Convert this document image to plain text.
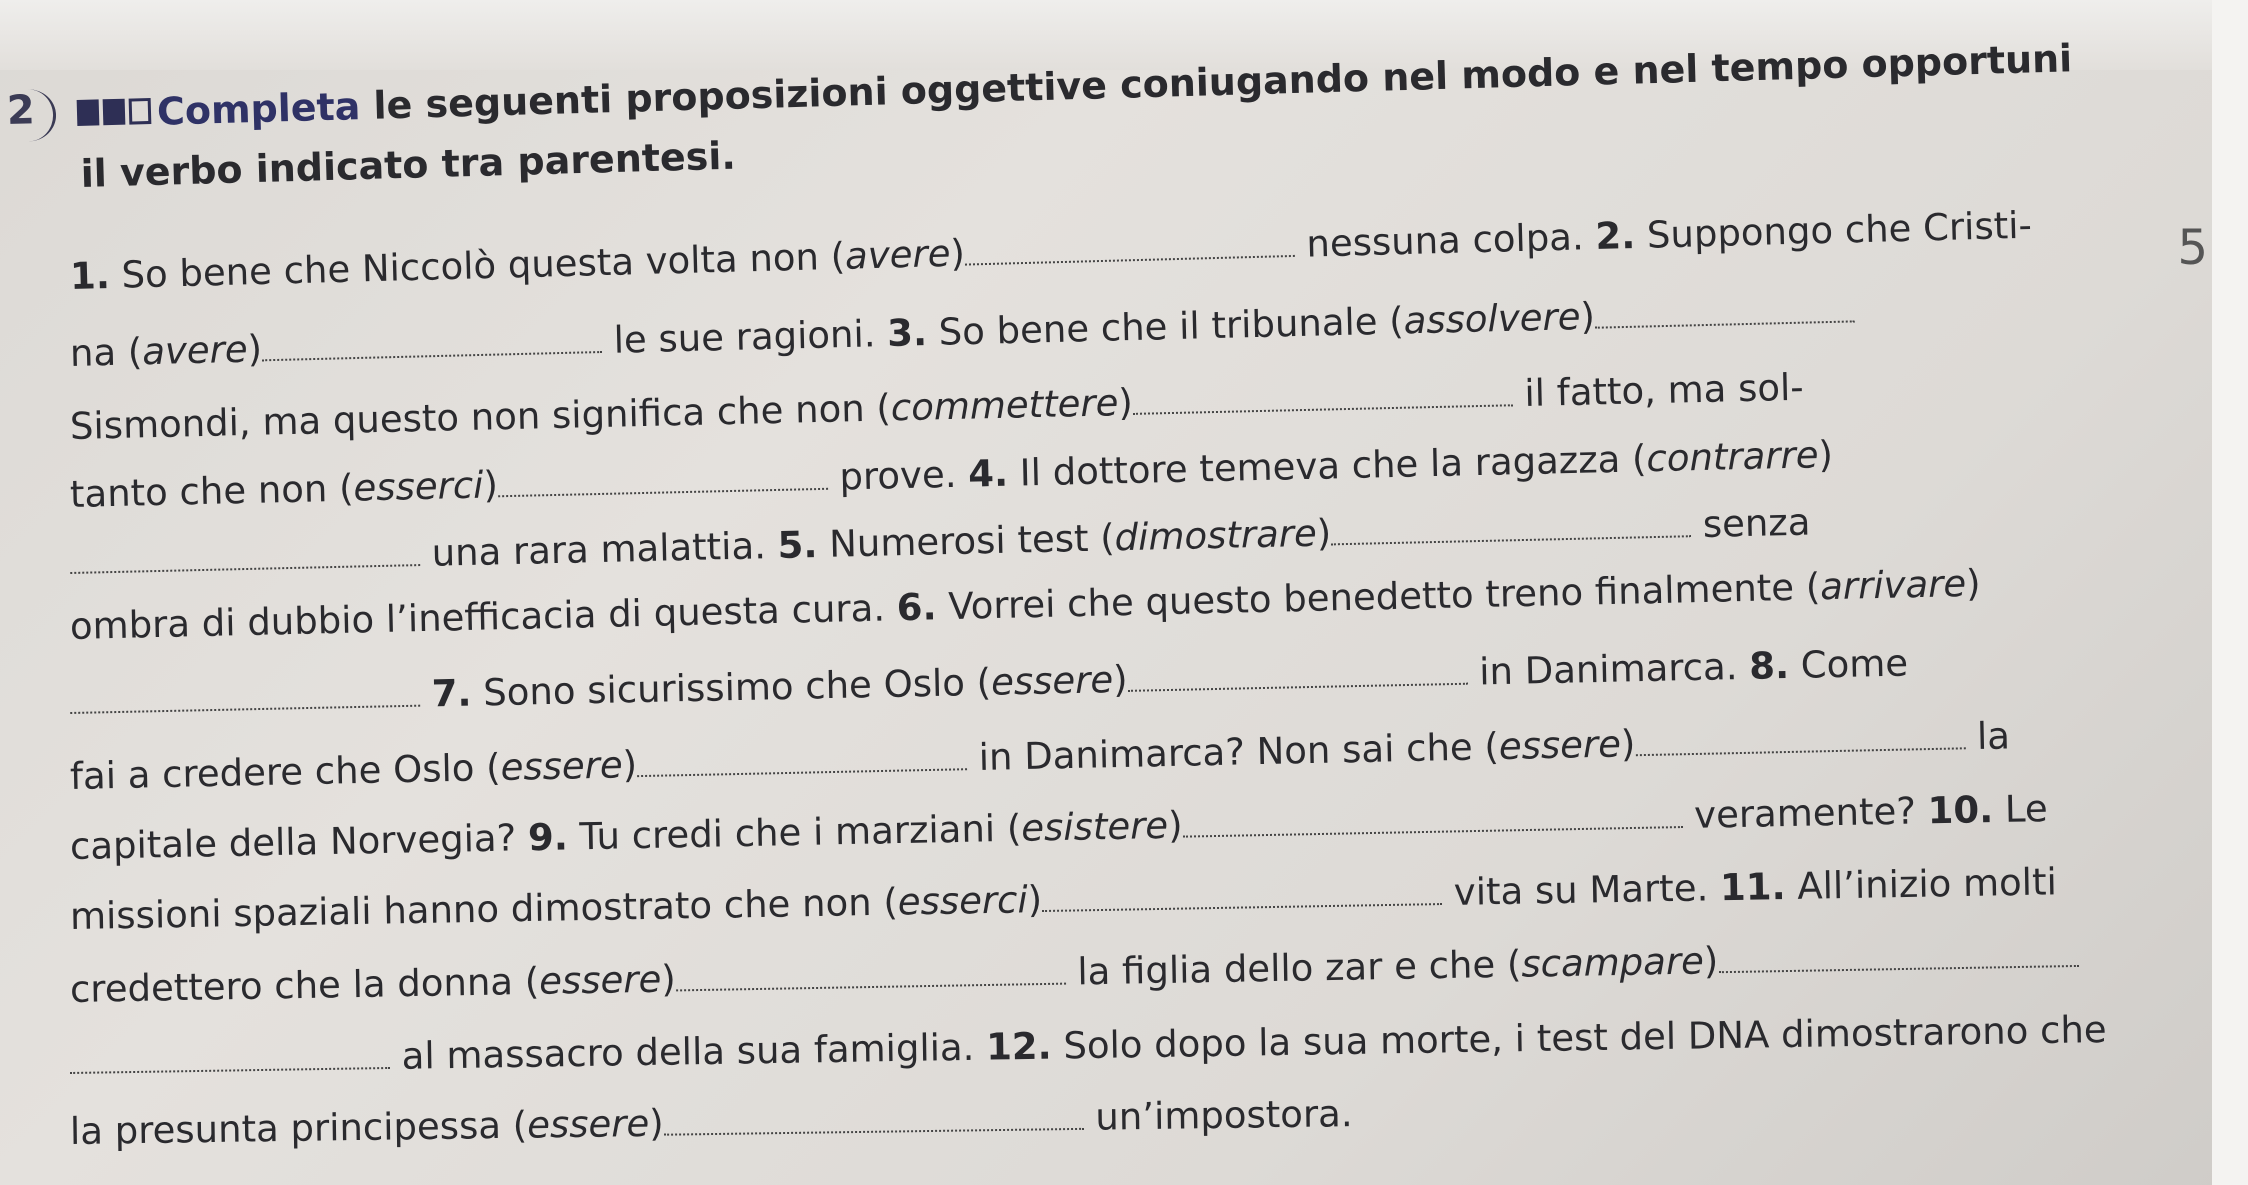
2	Completa le seguenti proposizioni oggettive coniugando nel modo e nel tempo opportuni
il verbo indicato tra parentesi.
1. So bene che Niccolò questa volta non (avere)	nessuna colpa. 2. Suppongo che Cristi-
na (avere)	le sue ragioni. 3. So bene che il tribunale (assolvere)
Sismondi, ma questo non significa che non (commettere)	il fatto, ma sol-
tanto che non (esserci)	prove. 4. Il dottore temeva che la ragazza (contrarre)
una rara malattia. 5. Numerosi test (dimostrare)	senza
ombra di dubbio l’inefficacia di questa cura. 6. Vorrei che questo benedetto treno finalmente (arrivare)
7. Sono sicurissimo che Oslo (essere)	in Danimarca. 8. Come
fai a credere che Oslo (essere)	in Danimarca? Non sai che (essere)	la
capitale della Norvegia? 9. Tu credi che i marziani (esistere)	veramente? 10. Le
missioni spaziali hanno dimostrato che non (esserci)	vita su Marte. 11. All’inizio molti
credettero che la donna (essere)	la figlia dello zar e che (scampare)
al massacro della sua famiglia. 12. Solo dopo la sua morte, i test del DNA dimostrarono che
la presunta principessa (essere)	un’impostora.
5
